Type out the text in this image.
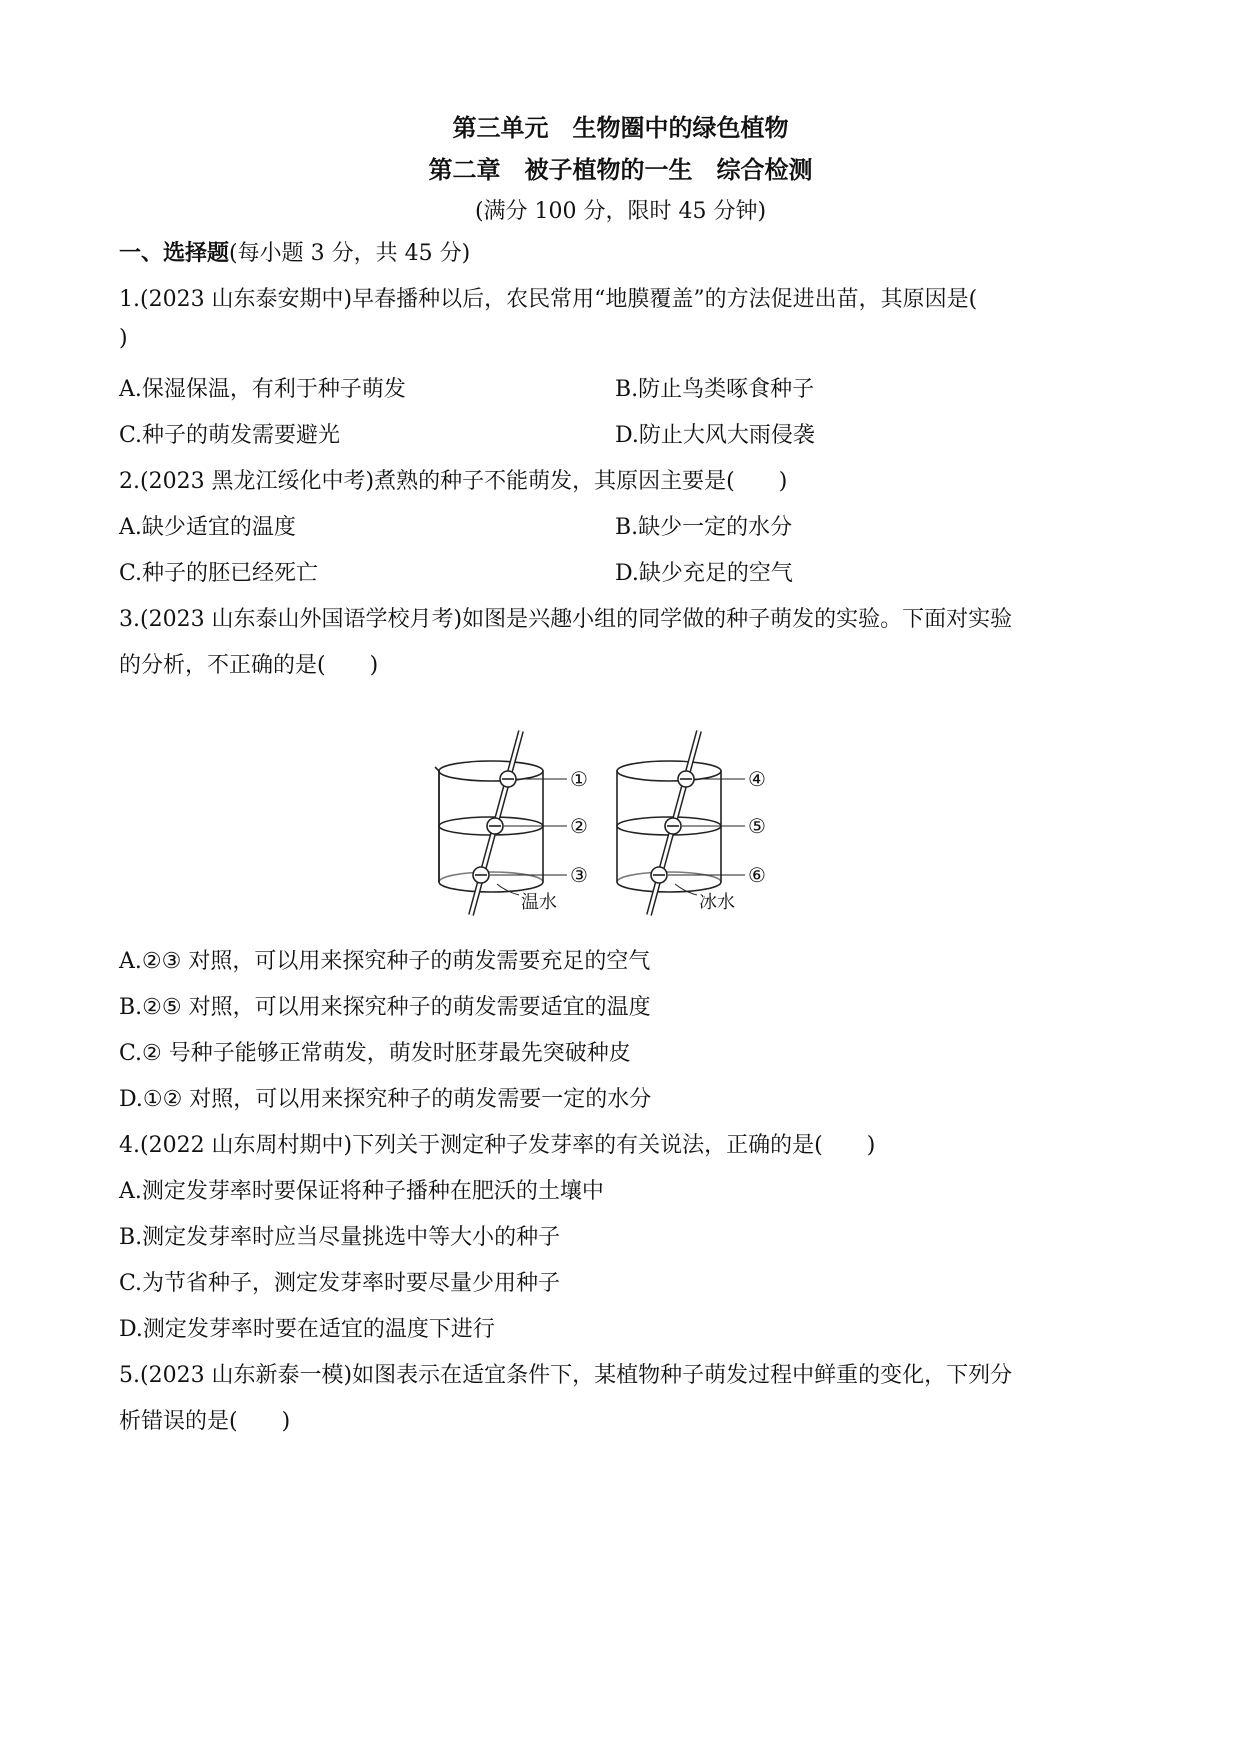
第三单元　生物圈中的绿色植物
第二章　被子植物的一生　综合检测
(满分 100 分，限时 45 分钟)
一、选择题(每小题 3 分，共 45 分)
1.(2023 山东泰安期中)早春播种以后，农民常用“地膜覆盖”的方法促进出苗，其原因是(
)
A.保湿保温，有利于种子萌发	B.防止鸟类啄食种子
C.种子的萌发需要避光	D.防止大风大雨侵袭
2.(2023 黑龙江绥化中考)煮熟的种子不能萌发，其原因主要是(　　)
A.缺少适宜的温度	B.缺少一定的水分
C.种子的胚已经死亡	D.缺少充足的空气
3.(2023 山东泰山外国语学校月考)如图是兴趣小组的同学做的种子萌发的实验。下面对实验
的分析，不正确的是(　　)
①
②
③
④
⑤
⑥
温水	冰水
A.②③ 对照，可以用来探究种子的萌发需要充足的空气
B.②⑤ 对照，可以用来探究种子的萌发需要适宜的温度
C.② 号种子能够正常萌发，萌发时胚芽最先突破种皮
D.①② 对照，可以用来探究种子的萌发需要一定的水分
4.(2022 山东周村期中)下列关于测定种子发芽率的有关说法，正确的是(　　)
A.测定发芽率时要保证将种子播种在肥沃的土壤中
B.测定发芽率时应当尽量挑选中等大小的种子
C.为节省种子，测定发芽率时要尽量少用种子
D.测定发芽率时要在适宜的温度下进行
5.(2023 山东新泰一模)如图表示在适宜条件下，某植物种子萌发过程中鲜重的变化，下列分
析错误的是(　　)
